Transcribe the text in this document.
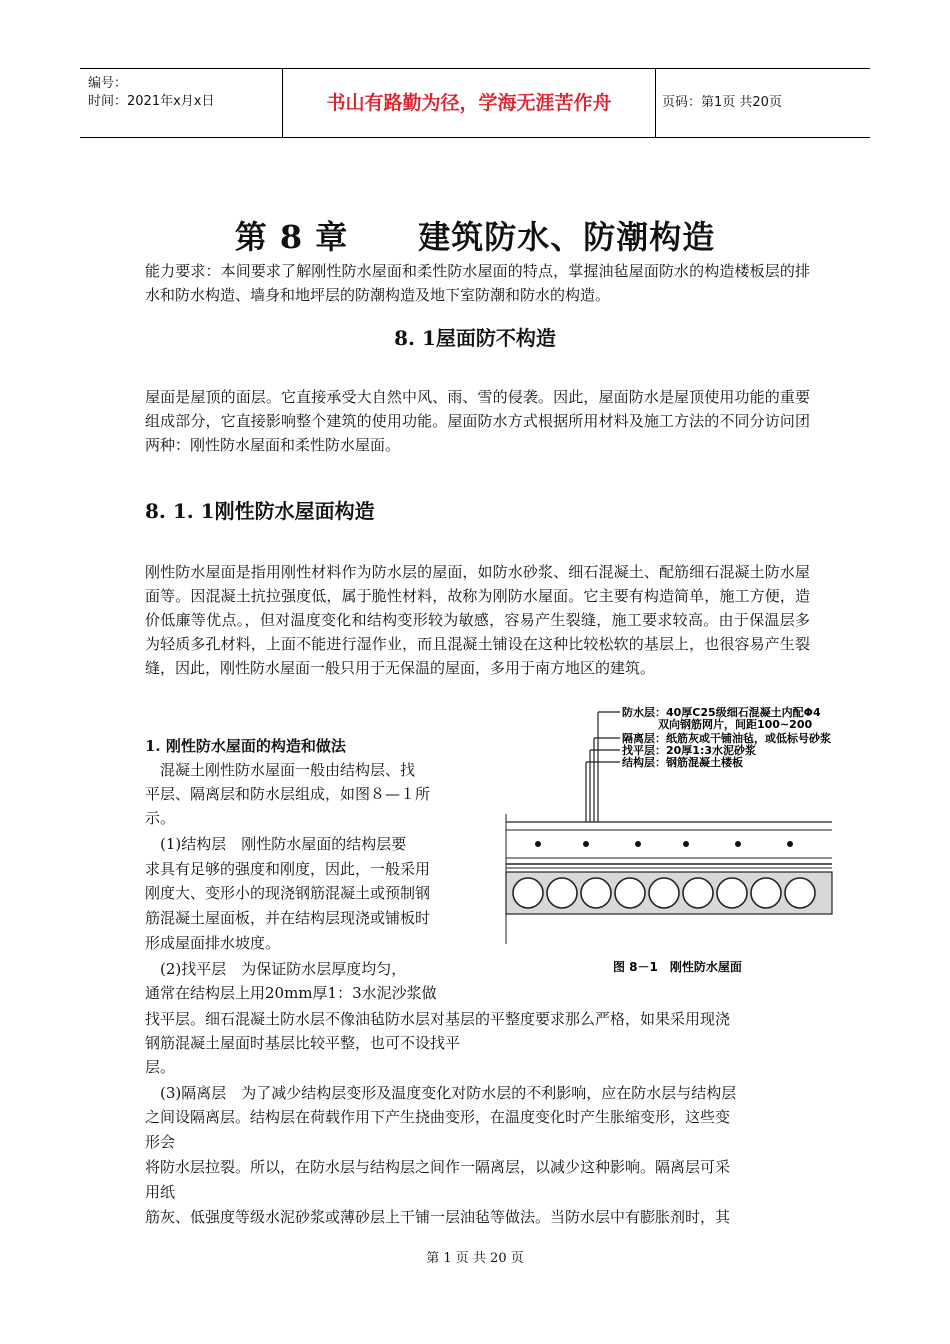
编号：
时间：2021年x月x日	书山有路勤为径，学海无涯苦作舟	页码：第1页 共20页
第 8 章 建筑防水、防潮构造
能力要求：本间要求了解刚性防水屋面和柔性防水屋面的特点，掌握油毡屋面防水的构造楼板层的排水和防水构造、墙身和地坪层的防潮构造及地下室防潮和防水的构造。
8. 1屋面防不构造
屋面是屋顶的面层。它直接承受大自然中风、雨、雪的侵袭。因此，屋面防水是屋顶使用功能的重要组成部分，它直接影响整个建筑的使用功能。屋面防水方式根据所用材料及施工方法的不同分访问团两种：刚性防水屋面和柔性防水屋面。
8. 1. 1刚性防水屋面构造
刚性防水屋面是指用刚性材料作为防水层的屋面，如防水砂浆、细石混凝土、配筋细石混凝土防水屋面等。因混凝土抗拉强度低，属于脆性材料，故称为刚防水屋面。它主要有构造简单，施工方便，造价低廉等优点。，但对温度变化和结构变形较为敏感，容易产生裂缝，施工要求较高。由于保温层多为轻质多孔材料，上面不能进行湿作业，而且混凝土铺设在这种比较松软的基层上，也很容易产生裂缝，因此，刚性防水屋面一般只用于无保温的屋面，多用于南方地区的建筑。
1. 刚性防水屋面的构造和做法
　混凝土刚性防水屋面一般由结构层、找
平层、隔离层和防水层组成，如图８—１所
示。
　(1)结构层　刚性防水屋面的结构层要
求具有足够的强度和刚度，因此，一般采用
刚度大、变形小的现浇钢筋混凝土或预制钢
筋混凝土屋面板，并在结构层现浇或铺板时
形成屋面排水坡度。
　(2)找平层　为保证防水层厚度均匀，
通常在结构层上用20mm厚1：3水泥沙浆做
找平层。细石混凝土防水层不像油毡防水层对基层的平整度要求那么严格，如果采用现浇
钢筋混凝土屋面时基层比较平整，也可不设找平
层。
　(3)隔离层　为了减少结构层变形及温度变化对防水层的不利影响，应在防水层与结构层
之间设隔离层。结构层在荷载作用下产生挠曲变形，在温度变化时产生胀缩变形，这些变
形会
将防水层拉裂。所以，在防水层与结构层之间作一隔离层，以减少这种影响。隔离层可采
用纸
筋灰、低强度等级水泥砂浆或薄砂层上干铺一层油毡等做法。当防水层中有膨胀剂时，其
防水层：40厚C25级细石混凝土内配Φ4
双向钢筋网片，间距100~200
隔离层：纸筋灰或干铺油毡，或低标号砂浆
找平层：20厚1:3水泥砂浆
结构层：钢筋混凝土楼板
图 8－1　刚性防水屋面
第 1 页 共 20 页
